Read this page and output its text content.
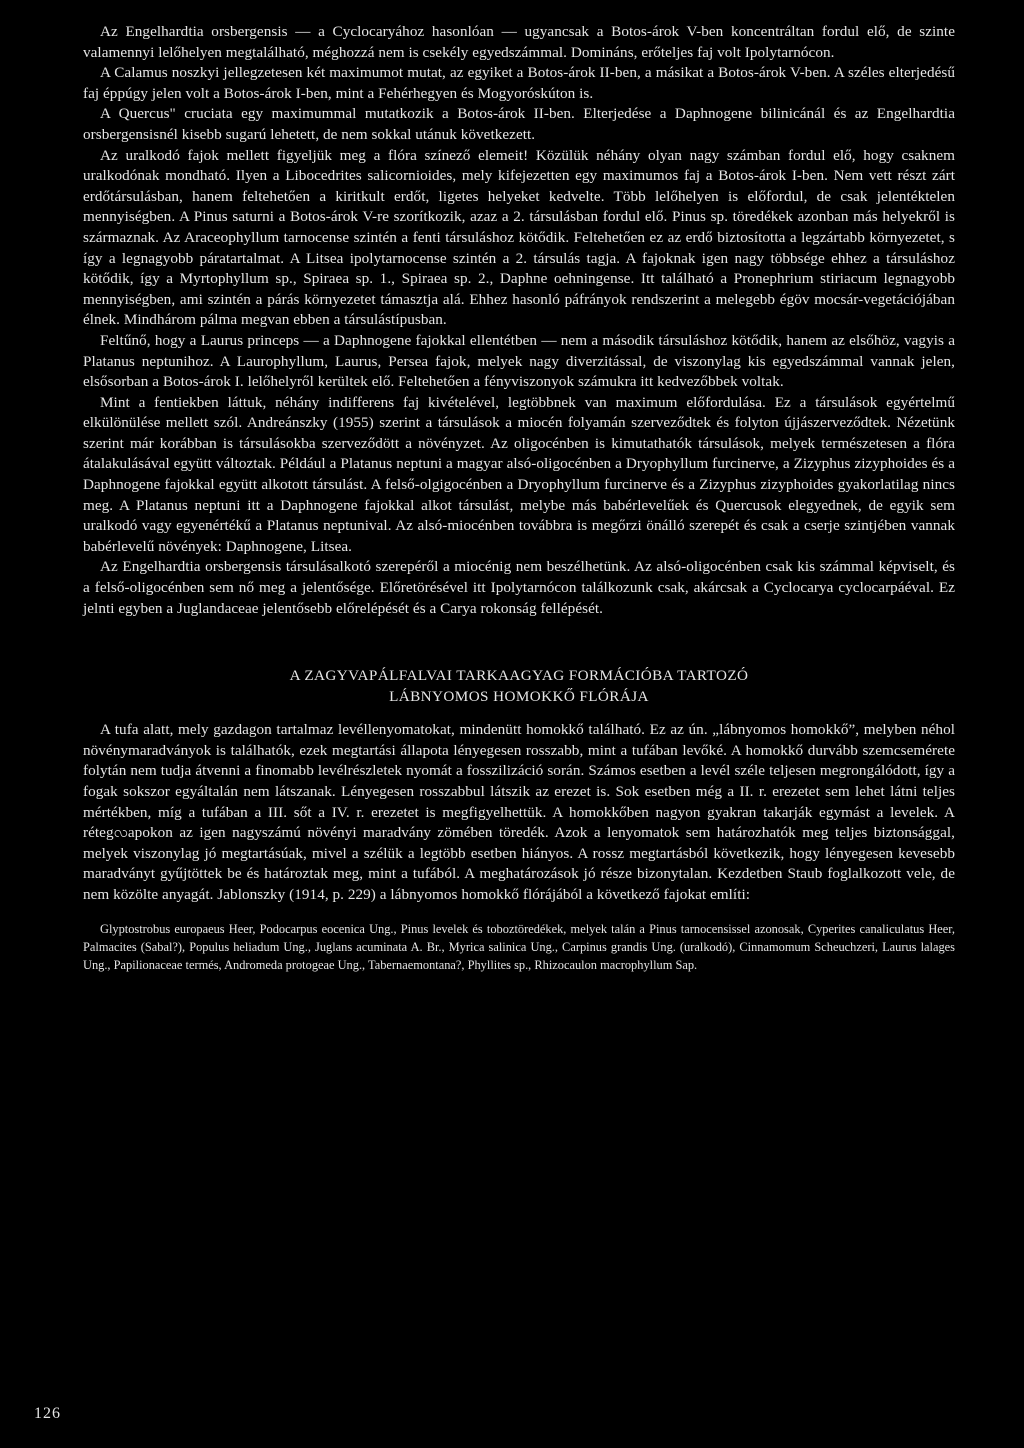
Az Engelhardtia orsbergensis — a Cyclocaryához hasonlóan — ugyancsak a Botos-árok V-ben koncentráltan fordul elő, de szinte valamennyi lelőhelyen megtalálható, méghozzá nem is csekély egyedszámmal. Domináns, erőteljes faj volt Ipolytarnócon.

A Calamus noszkyi jellegzetesen két maximumot mutat, az egyiket a Botos-árok II-ben, a másikat a Botos-árok V-ben. A széles elterjedésű faj éppúgy jelen volt a Botos-árok I-ben, mint a Fehérhegyen és Mogyoróskúton is.

A Quercus" cruciata egy maximummal mutatkozik a Botos-árok II-ben. Elterjedése a Daphnogene bilinicánál és az Engelhardtia orsbergensisnél kisebb sugarú lehetett, de nem sokkal utánuk következett.

Az uralkodó fajok mellett figyeljük meg a flóra színező elemeit! Közülük néhány olyan nagy számban fordul elő, hogy csaknem uralkodónak mondható. Ilyen a Libocedrites salicornioides, mely kifejezetten egy maximumos faj a Botos-árok I-ben. Nem vett részt zárt erdőtársulásban, hanem feltehetően a kiritkult erdőt, ligetes helyeket kedvelte. Több lelőhelyen is előfordul, de csak jelentéktelen mennyiségben. A Pinus saturni a Botos-árok V-re szorítkozik, azaz a 2. társulásban fordul elő. Pinus sp. töredékek azonban más helyekről is származnak. Az Araceophyllum tarnocense szintén a fenti társuláshoz kötődik. Feltehetően ez az erdő biztosította a legzártabb környezetet, s így a legnagyobb páratartalmat. A Litsea ipolytarnocense szintén a 2. társulás tagja. A fajoknak igen nagy többsége ehhez a társuláshoz kötődik, így a Myrtophyllum sp., Spiraea sp. 1., Spiraea sp. 2., Daphne oehningense. Itt található a Pronephrium stiriacum legnagyobb mennyiségben, ami szintén a párás környezetet támasztja alá. Ehhez hasonló páfrányok rendszerint a melegebb égöv mocsár-vegetációjában élnek. Mindhárom pálma megvan ebben a társulástípusban.

Feltűnő, hogy a Laurus princeps — a Daphnogene fajokkal ellentétben — nem a második társuláshoz kötődik, hanem az elsőhöz, vagyis a Platanus neptunihoz. A Laurophyllum, Laurus, Persea fajok, melyek nagy diverzitással, de viszonylag kis egyedszámmal vannak jelen, elsősorban a Botos-árok I. lelőhelyről kerültek elő. Feltehetően a fényviszonyok számukra itt kedvezőbbek voltak.

Mint a fentiekben láttuk, néhány indifferens faj kivételével, legtöbbnek van maximum előfordulása. Ez a társulások egyértelmű elkülönülése mellett szól. Andreánszky (1955) szerint a társulások a miocén folyamán szerveződtek és folyton újjászerveződtek. Nézetünk szerint már korábban is társulásokba szerveződött a növényzet. Az oligocénben is kimutathatók társulások, melyek természetesen a flóra átalakulásával együtt változtak. Például a Platanus neptuni a magyar alsó-oligocénben a Dryophyllum furcinerve, a Zizyphus zizyphoides és a Daphnogene fajokkal együtt alkotott társulást. A felső-olgigocénben a Dryophyllum furcinerve és a Zizyphus zizyphoides gyakorlatilag nincs meg. A Platanus neptuni itt a Daphnogene fajokkal alkot társulást, melybe más babérlevelűek és Quercusok elegyednek, de egyik sem uralkodó vagy egyenértékű a Platanus neptunival. Az alsó-miocénben továbbra is megőrzi önálló szerepét és csak a cserje szintjében vannak babérlevelű növények: Daphnogene, Litsea.

Az Engelhardtia orsbergensis társulásalkotó szerepéről a miocénig nem beszélhetünk. Az alsó-oligocénben csak kis számmal képviselt, és a felső-oligocénben sem nő meg a jelentősége. Előretörésével itt Ipolytarnócon találkozunk csak, akárcsak a Cyclocarya cyclocarpáéval. Ez jelnti egyben a Juglandaceae jelentősebb előrelépését és a Carya rokonság fellépését.

A ZAGYVAPÁLFALVAI TARKAAGYAG FORMÁCIÓBA TARTOZÓ

LÁBNYOMOS HOMOKKŐ FLÓRÁJA

A tufa alatt, mely gazdagon tartalmaz levéllenyomatokat, mindenütt homokkő található. Ez az ún. „lábnyomos homokkő”, melyben néhol növénymaradványok is találhatók, ezek megtartási állapota lényegesen rosszabb, mint a tufában levőké. A homokkő durvább szemcsemérete folytán nem tudja átvenni a finomabb levélrészletek nyomát a fosszilizáció során. Számos esetben a levél széle teljesen megrongálódott, így a fogak sokszor egyáltalán nem látszanak. Lényegesen rosszabbul látszik az erezet is. Sok esetben még a II. r. erezetet sem lehet látni teljes mértékben, míg a tufában a III. sőt a IV. r. erezetet is megfigyelhettük. A homokkőben nagyon gyakran takarják egymást a levelek. A rétegလapokon az igen nagyszámú növényi maradvány zömében töredék. Azok a lenyomatok sem határozhatók meg teljes biztonsággal, melyek viszonylag jó megtartásúak, mivel a szélük a legtöbb esetben hiányos. A rossz megtartásból következik, hogy lényegesen kevesebb maradványt gyűjtöttek be és határoztak meg, mint a tufából. A meghatározások jó része bizonytalan. Kezdetben Staub foglalkozott vele, de nem közölte anyagát. Jablonszky (1914, p. 229) a lábnyomos homokkő flórájából a következő fajokat említi:

Glyptostrobus europaeus Heer, Podocarpus eocenica Ung., Pinus levelek és toboztöredékek, melyek talán a Pinus tarnocensissel azonosak, Cyperites canaliculatus Heer, Palmacites (Sabal?), Populus heliadum Ung., Juglans acuminata A. Br., Myrica salinica Ung., Carpinus grandis Ung. (uralkodó), Cinnamomum Scheuchzeri, Laurus lalages Ung., Papilionaceae termés, Andromeda protogeae Ung., Tabernaemontana?, Phyllites sp., Rhizocaulon macrophyllum Sap.

126
